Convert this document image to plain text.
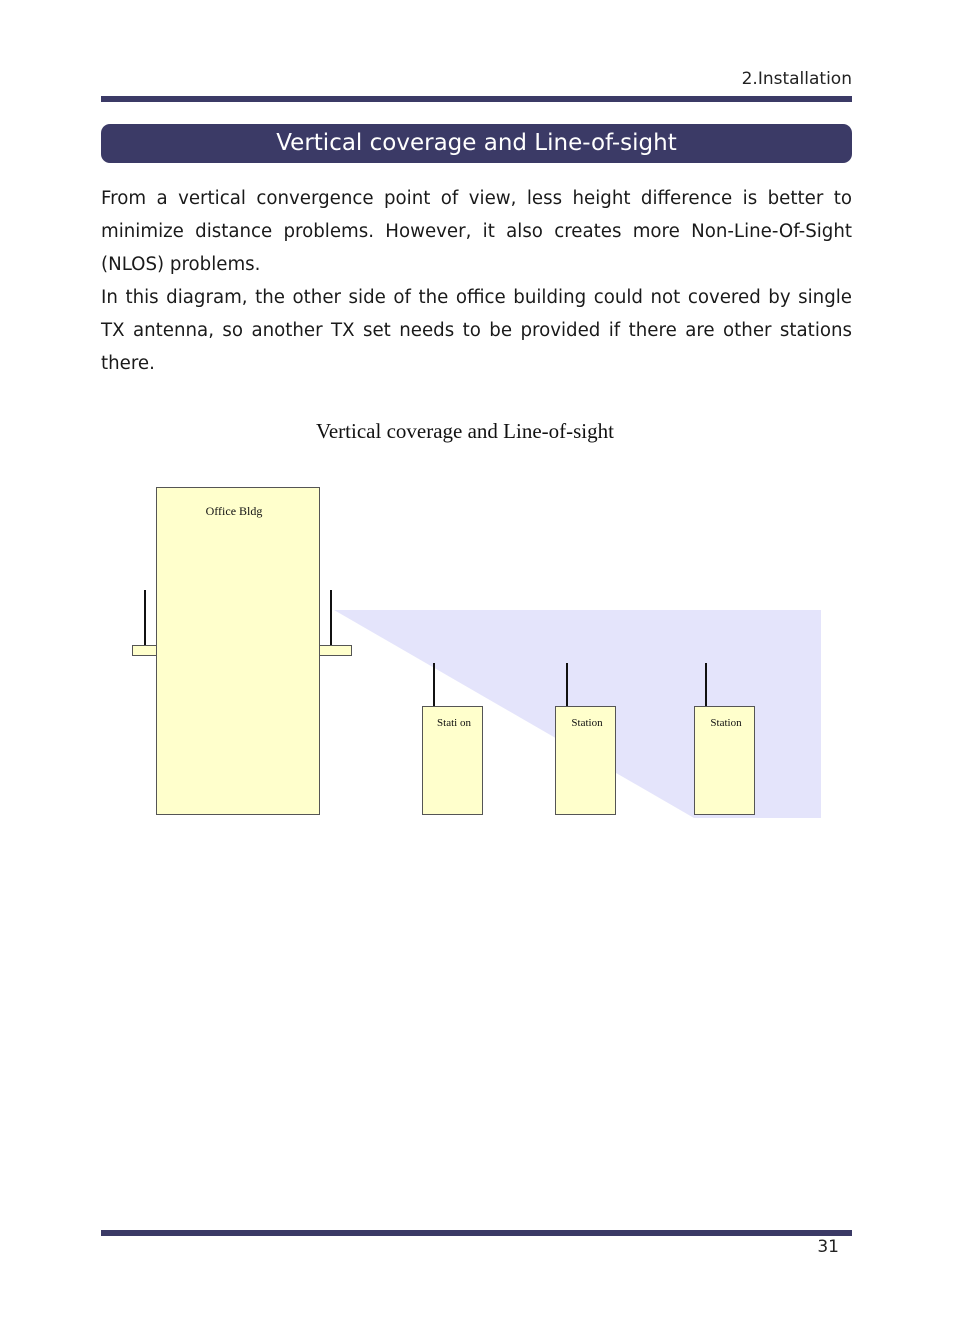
2.Installation
Vertical coverage and Line-of-sight

From a vertical convergence point of view, less height difference is better to minimize distance problems. However, it also creates more Non-Line-Of-Sight (NLOS) problems.

In this diagram, the other side of the office building could not covered by single TX antenna, so another TX set needs to be provided if there are other stations there.

Vertical coverage and Line-of-sight
Office Bldg
Stati on	Station	Station
31
